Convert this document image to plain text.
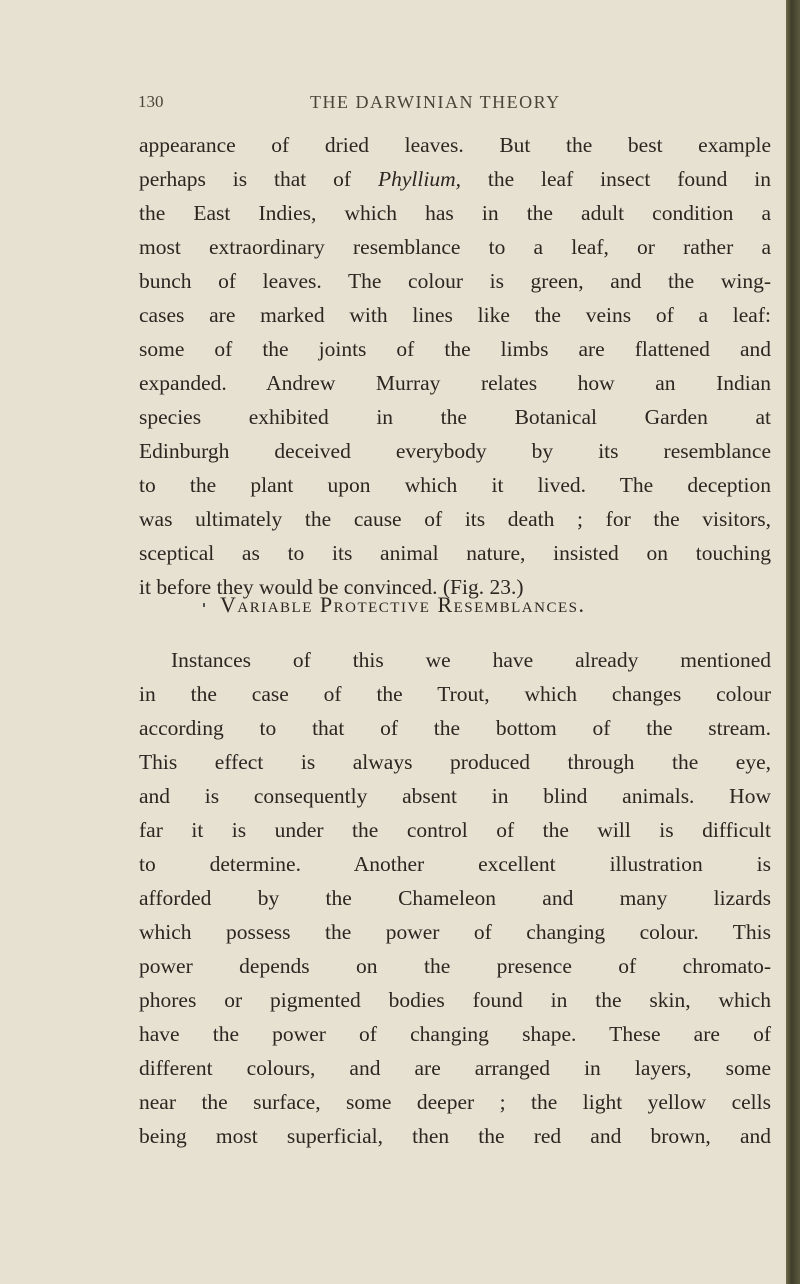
130	THE DARWINIAN THEORY
appearance of dried leaves. But the best example
perhaps is that of Phyllium, the leaf insect found in
the East Indies, which has in the adult condition a
most extraordinary resemblance to a leaf, or rather a
bunch of leaves. The colour is green, and the wing-
cases are marked with lines like the veins of a leaf:
some of the joints of the limbs are flattened and
expanded. Andrew Murray relates how an Indian
species exhibited in the Botanical Garden at
Edinburgh deceived everybody by its resemblance
to the plant upon which it lived. The deception
was ultimately the cause of its death ; for the visitors,
sceptical as to its animal nature, insisted on touching
it before they would be convinced. (Fig. 23.)
Variable Protective Resemblances.
Instances of this we have already mentioned
in the case of the Trout, which changes colour
according to that of the bottom of the stream.
This effect is always produced through the eye,
and is consequently absent in blind animals. How
far it is under the control of the will is difficult
to determine. Another excellent illustration is
afforded by the Chameleon and many lizards
which possess the power of changing colour. This
power depends on the presence of chromato-
phores or pigmented bodies found in the skin, which
have the power of changing shape. These are of
different colours, and are arranged in layers, some
near the surface, some deeper ; the light yellow cells
being most superficial, then the red and brown, and
